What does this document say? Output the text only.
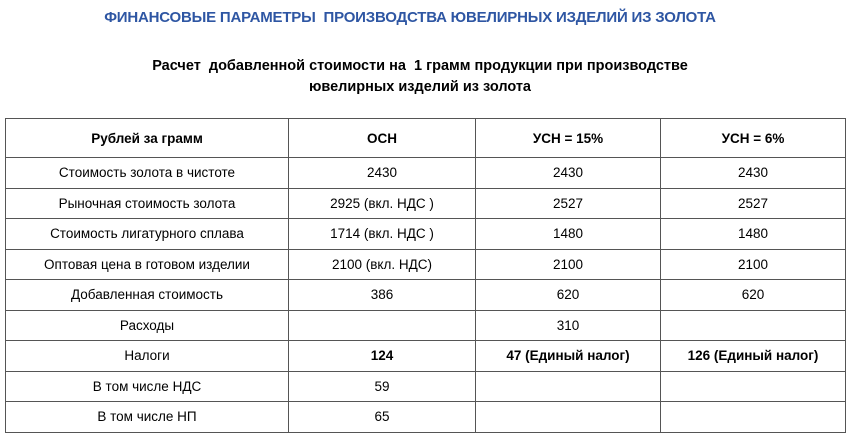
ФИНАНСОВЫЕ ПАРАМЕТРЫ  ПРОИЗВОДСТВА ЮВЕЛИРНЫХ ИЗДЕЛИЙ ИЗ ЗОЛОТА
Расчет  добавленной стоимости на  1 грамм продукции при производстве
ювелирных изделий из золота
Рублей за грамм	ОСН	УСН = 15%	УСН = 6%
Стоимость золота в чистоте	2430	2430	2430
Рыночная стоимость золота	2925 (вкл. НДС )	2527	2527
Стоимость лигатурного сплава	1714 (вкл. НДС )	1480	1480
Оптовая цена в готовом изделии	2100 (вкл. НДС)	2100	2100
Добавленная стоимость	386	620	620
Расходы		310	
Налоги	124	47 (Единый налог)	126 (Единый налог)
В том числе НДС	59		
В том числе НП	65		
